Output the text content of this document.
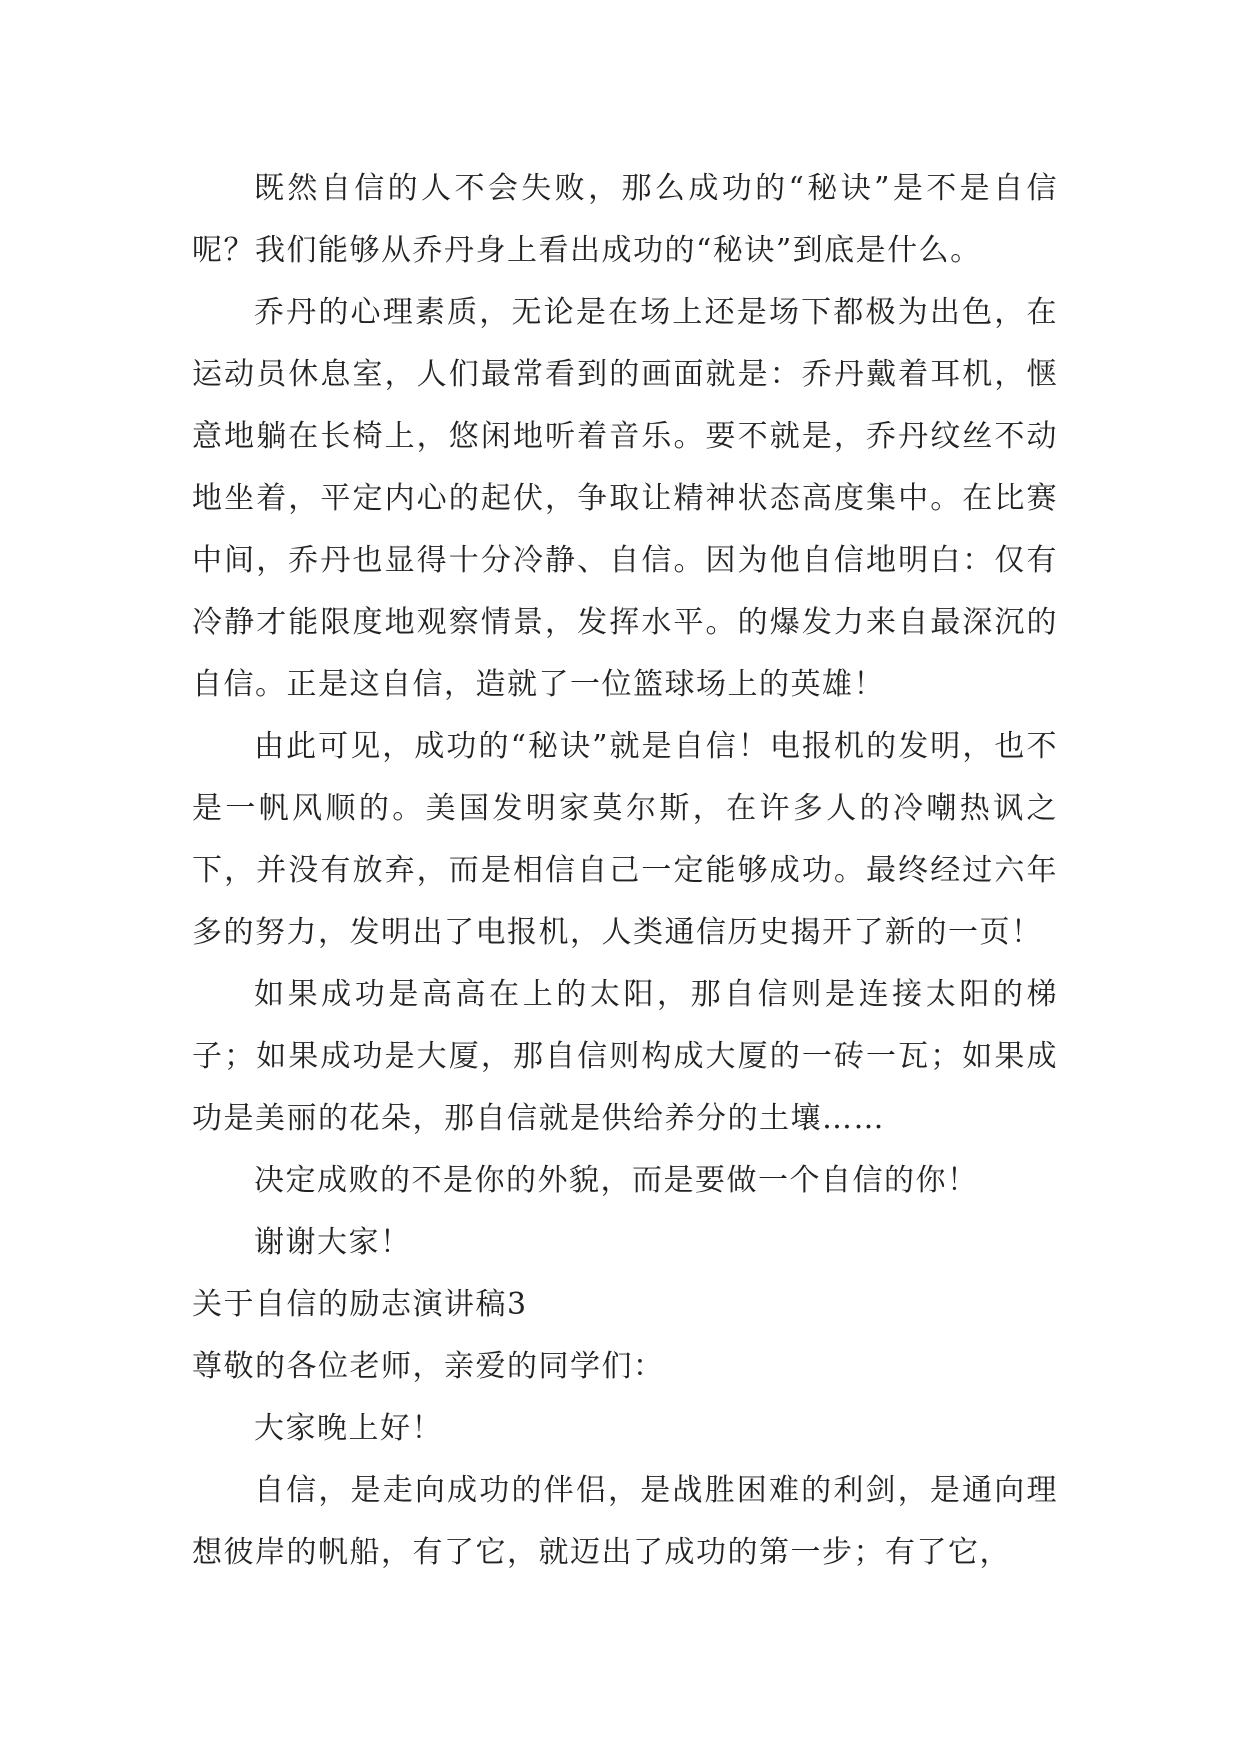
既然自信的人不会失败，那么成功的“秘诀”是不是自信呢？我们能够从乔丹身上看出成功的“秘诀”到底是什么。

乔丹的心理素质，无论是在场上还是场下都极为出色，在运动员休息室，人们最常看到的画面就是：乔丹戴着耳机，惬意地躺在长椅上，悠闲地听着音乐。要不就是，乔丹纹丝不动地坐着，平定内心的起伏，争取让精神状态高度集中。在比赛中间，乔丹也显得十分冷静、自信。因为他自信地明白：仅有冷静才能限度地观察情景，发挥水平。的爆发力来自最深沉的自信。正是这自信，造就了一位篮球场上的英雄！

由此可见，成功的“秘诀”就是自信！电报机的发明，也不是一帆风顺的。美国发明家莫尔斯，在许多人的冷嘲热讽之下，并没有放弃，而是相信自己一定能够成功。最终经过六年多的努力，发明出了电报机，人类通信历史揭开了新的一页！

如果成功是高高在上的太阳，那自信则是连接太阳的梯子；如果成功是大厦，那自信则构成大厦的一砖一瓦；如果成功是美丽的花朵，那自信就是供给养分的土壤……

决定成败的不是你的外貌，而是要做一个自信的你！

谢谢大家！

关于自信的励志演讲稿3

尊敬的各位老师，亲爱的同学们：

大家晚上好！

自信，是走向成功的伴侣，是战胜困难的利剑，是通向理想彼岸的帆船，有了它，就迈出了成功的第一步；有了它，
